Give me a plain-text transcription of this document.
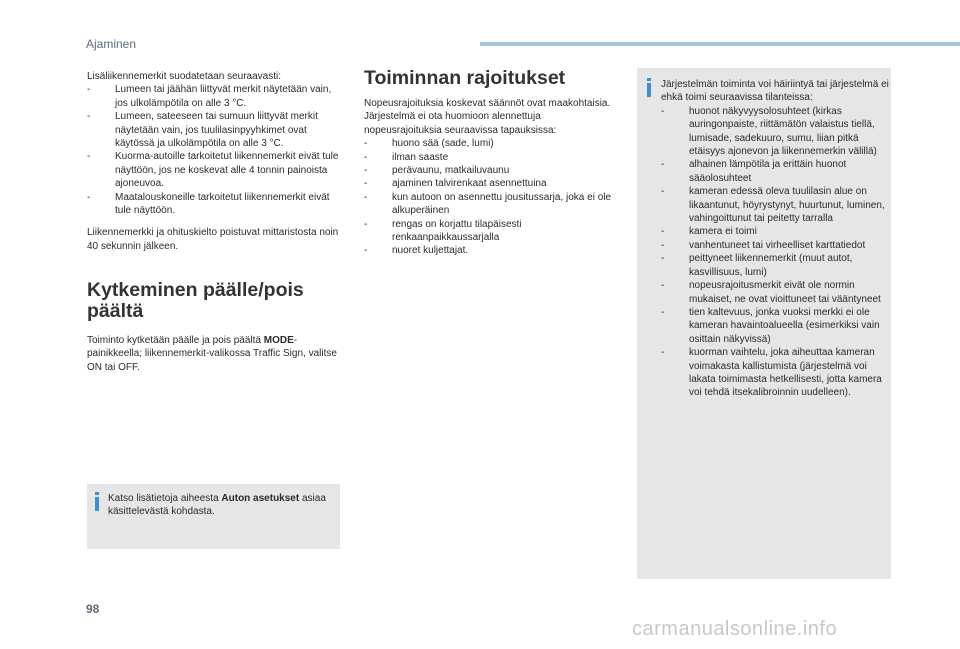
Ajaminen

Lisäliikennemerkit suodatetaan seuraavasti:

- Lumeen tai jäähän liittyvät merkit näytetään vain, jos ulkolämpötila on alle 3 °C.
- Lumeen, sateeseen tai sumuun liittyvät merkit näytetään vain, jos tuulilasinpyyhkimet ovat käytössä ja ulkolämpötila on alle 3 °C.
- Kuorma-autoille tarkoitetut liikennemerkit eivät tule näyttöön, jos ne koskevat alle 4 tonnin painoista ajoneuvoa.
- Maatalouskoneille tarkoitetut liikennemerkit eivät tule näyttöön.

Liikennemerkki ja ohituskielto poistuvat mittaristosta noin 40 sekunnin jälkeen.

Kytkeminen päälle/pois päältä

Toiminto kytketään päälle ja pois päältä MODE-painikkeella; liikennemerkit-valikossa Traffic Sign, valitse ON tai OFF.

Katso lisätietoja aiheesta Auton asetukset asiaa käsittelevästä kohdasta.

Toiminnan rajoitukset

Nopeusrajoituksia koskevat säännöt ovat maakohtaisia.

Järjestelmä ei ota huomioon alennettuja nopeusrajoituksia seuraavissa tapauksissa:

- huono sää (sade, lumi)
- ilman saaste
- perävaunu, matkailuvaunu
- ajaminen talvirenkaat asennettuina
- kun autoon on asennettu jousitussarja, joka ei ole alkuperäinen
- rengas on korjattu tilapäisesti renkaanpaikkaussarjalla
- nuoret kuljettajat.

Järjestelmän toiminta voi häiriintyä tai järjestelmä ei ehkä toimi seuraavissa tilanteissa:

- huonot näkyvyysolosuhteet (kirkas auringonpaiste, riittämätön valaistus tiellä, lumisade, sadekuuro, sumu, liian pitkä etäisyys ajonevon ja liikennemerkin välillä)
- alhainen lämpötila ja erittäin huonot sääolosuhteet
- kameran edessä oleva tuulilasin alue on likaantunut, höyrystynyt, huurtunut, luminen, vahingoittunut tai peitetty tarralla
- kamera ei toimi
- vanhentuneet tai virheelliset karttatiedot
- peittyneet liikennemerkit (muut autot, kasvillisuus, lumi)
- nopeusrajoitusmerkit eivät ole normin mukaiset, ne ovat vioittuneet tai vääntyneet
- tien kaltevuus, jonka vuoksi merkki ei ole kameran havaintoalueella (esimerkiksi vain osittain näkyvissä)
- kuorman vaihtelu, joka aiheuttaa kameran voimakasta kallistumista (järjestelmä voi lakata toimimasta hetkellisesti, jotta kamera voi tehdä itsekalibroinnin uudelleen).
98
carmanualsonline.info
